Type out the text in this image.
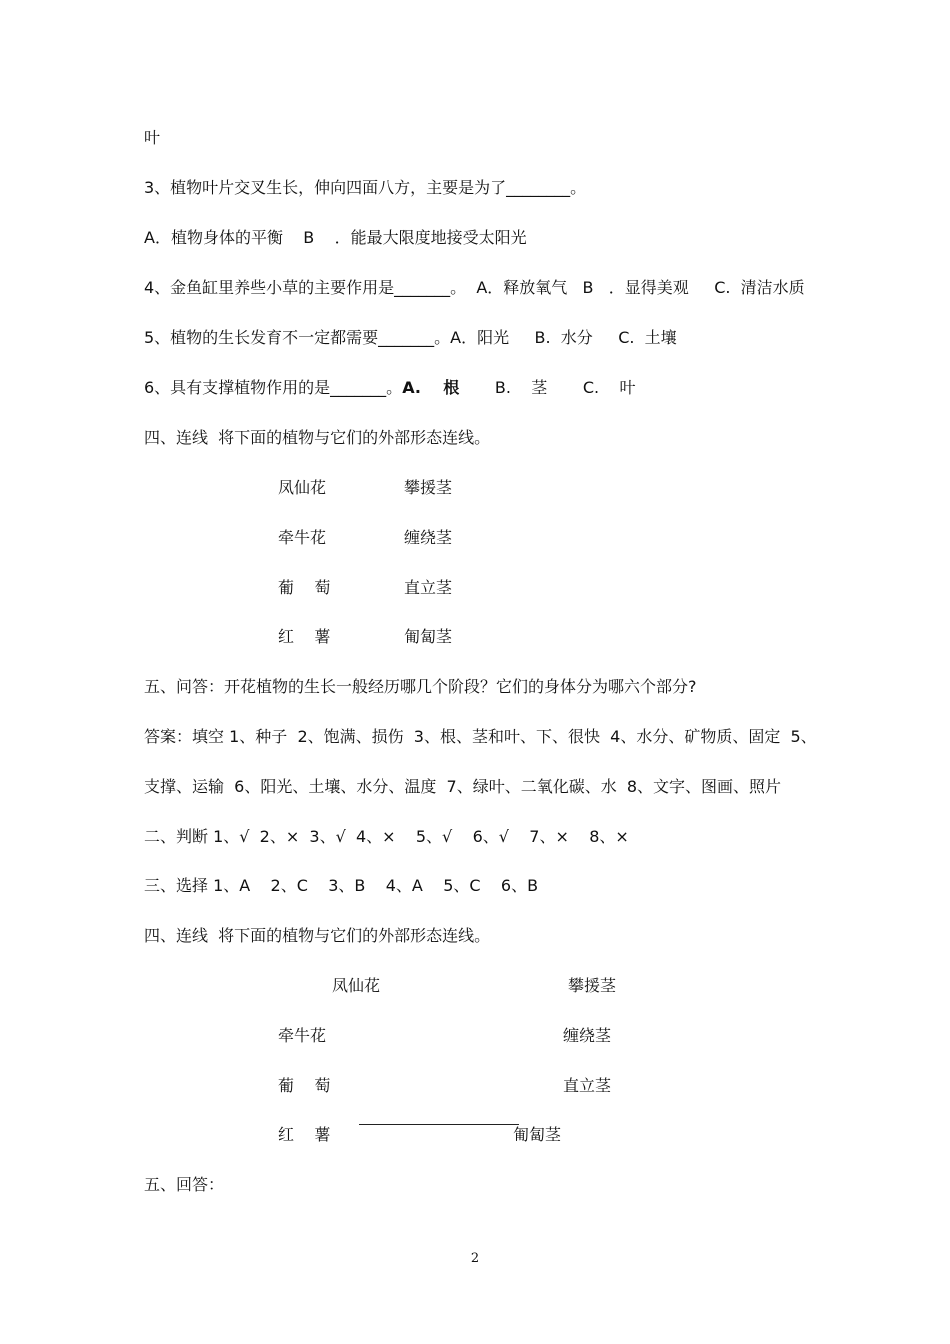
叶
3、植物叶片交叉生长，伸向四面八方，主要是为了________。
A．植物身体的平衡    B    ．能最大限度地接受太阳光
4、金鱼缸里养些小草的主要作用是_______。  A．释放氧气   B   ．显得美观     C.  清洁水质
5、植物的生长发育不一定都需要_______。A．阳光     B.  水分     C.  土壤
6、具有支撑植物作用的是_______。A.    根       B.    茎       C.    叶
四、连线  将下面的植物与它们的外部形态连线。
凤仙花	攀援茎
牵牛花	缠绕茎
葡    萄	直立茎
红    薯	匍匐茎
五、问答：开花植物的生长一般经历哪几个阶段？它们的身体分为哪六个部分?
答案：填空 1、种子  2、饱满、损伤  3、根、茎和叶、下、很快  4、水分、矿物质、固定  5、
支撑、运输  6、阳光、土壤、水分、温度  7、绿叶、二氧化碳、水  8、文字、图画、照片
二、判断 1、√  2、×  3、√  4、×    5、√    6、√    7、×    8、×
三、选择 1、A    2、C    3、B    4、A    5、C    6、B
四、连线  将下面的植物与它们的外部形态连线。
凤仙花	攀援茎
牵牛花	缠绕茎
葡    萄	直立茎
红    薯	匍匐茎
五、回答：
2
